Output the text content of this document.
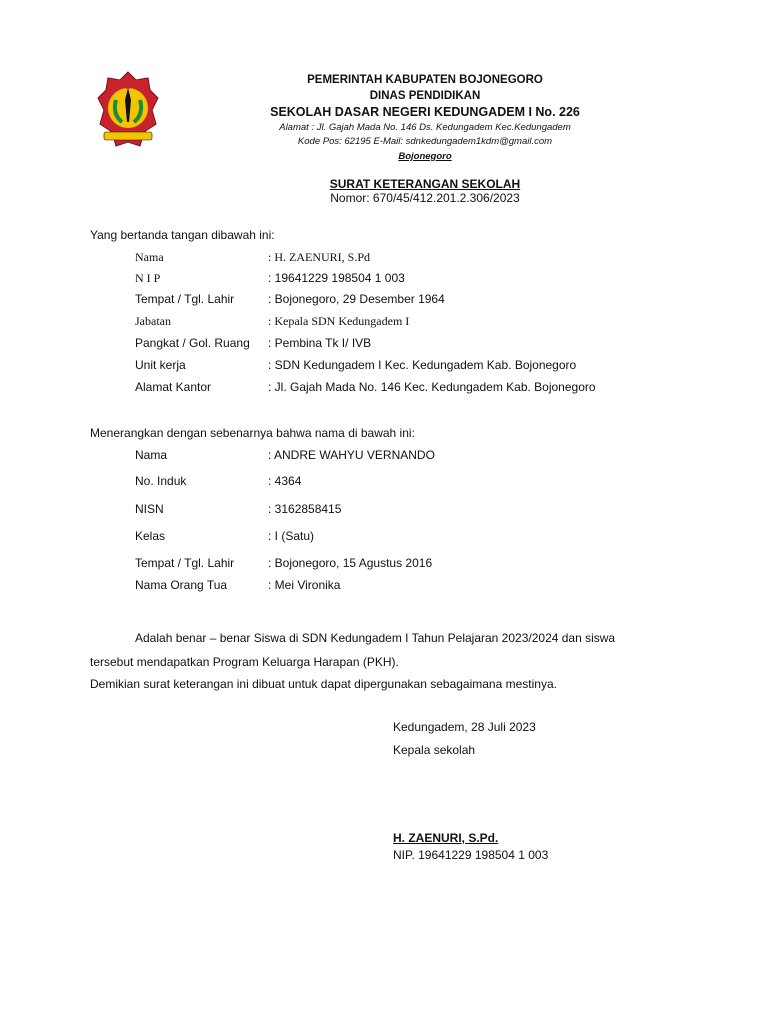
PEMERINTAH KABUPATEN BOJONEGORO
DINAS PENDIDIKAN
SEKOLAH DASAR NEGERI KEDUNGADEM I No. 226
Alamat : Jl. Gajah Mada No. 146 Ds. Kedungadem Kec.Kedungadem
Kode Pos: 62195 E-Mail: sdnkedungadem1kdm@gmail.com
Bojonegoro
SURAT KETERANGAN SEKOLAH
Nomor: 670/45/412.201.2.306/2023
Yang bertanda tangan dibawah ini:
Nama	: H. ZAENURI, S.Pd
N I P	: 19641229 198504 1 003
Tempat / Tgl. Lahir	: Bojonegoro, 29 Desember 1964
Jabatan	: Kepala SDN Kedungadem I
Pangkat / Gol. Ruang : Pembina Tk I/ IVB
Unit kerja	: SDN Kedungadem I Kec. Kedungadem Kab. Bojonegoro
Alamat Kantor	: Jl. Gajah Mada No. 146 Kec. Kedungadem Kab. Bojonegoro
Menerangkan dengan sebenarnya bahwa nama di bawah ini:
Nama	: ANDRE WAHYU VERNANDO
No. Induk	: 4364
NISN	: 3162858415
Kelas	: I (Satu)
Tempat / Tgl. Lahir	: Bojonegoro, 15 Agustus 2016
Nama Orang Tua	: Mei Vironika
Adalah benar – benar Siswa di SDN Kedungadem I Tahun Pelajaran 2023/2024 dan siswa
tersebut mendapatkan Program Keluarga Harapan (PKH).
Demikian surat keterangan ini dibuat untuk dapat dipergunakan sebagaimana mestinya.
Kedungadem, 28 Juli 2023
Kepala sekolah
H. ZAENURI, S.Pd.
NIP. 19641229 198504 1 003
